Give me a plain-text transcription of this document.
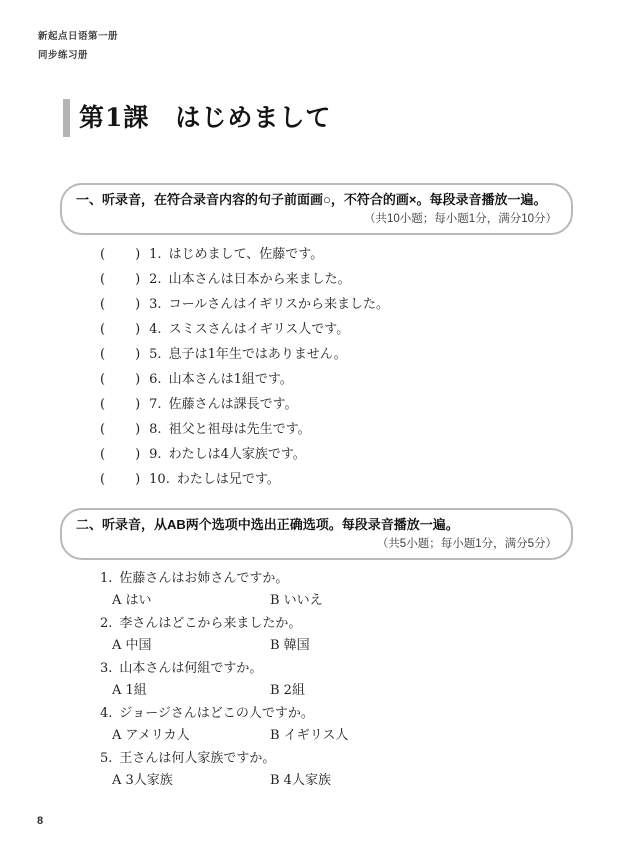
新起点日语第一册
同步练习册
第1課　はじめまして
一、听录音，在符合录音内容的句子前面画○，不符合的画×。每段录音播放一遍。
（共10小题；每小题1分，满分10分）
( ) 1. はじめまして、佐藤です。
( ) 2. 山本さんは日本から来ました。
( ) 3. コールさんはイギリスから来ました。
( ) 4. スミスさんはイギリス人です。
( ) 5. 息子は1年生ではありません。
( ) 6. 山本さんは1組です。
( ) 7. 佐藤さんは課長です。
( ) 8. 祖父と祖母は先生です。
( ) 9. わたしは4人家族です。
( ) 10. わたしは兄です。
二、听录音，从AB两个选项中选出正确选项。每段录音播放一遍。
（共5小题；每小题1分，满分5分）
1. 佐藤さんはお姉さんですか。
A はい	B いいえ
2. 李さんはどこから来ましたか。
A 中国	B 韓国
3. 山本さんは何組ですか。
A 1組	B 2組
4. ジョージさんはどこの人ですか。
A アメリカ人	B イギリス人
5. 王さんは何人家族ですか。
A 3人家族	B 4人家族
8
